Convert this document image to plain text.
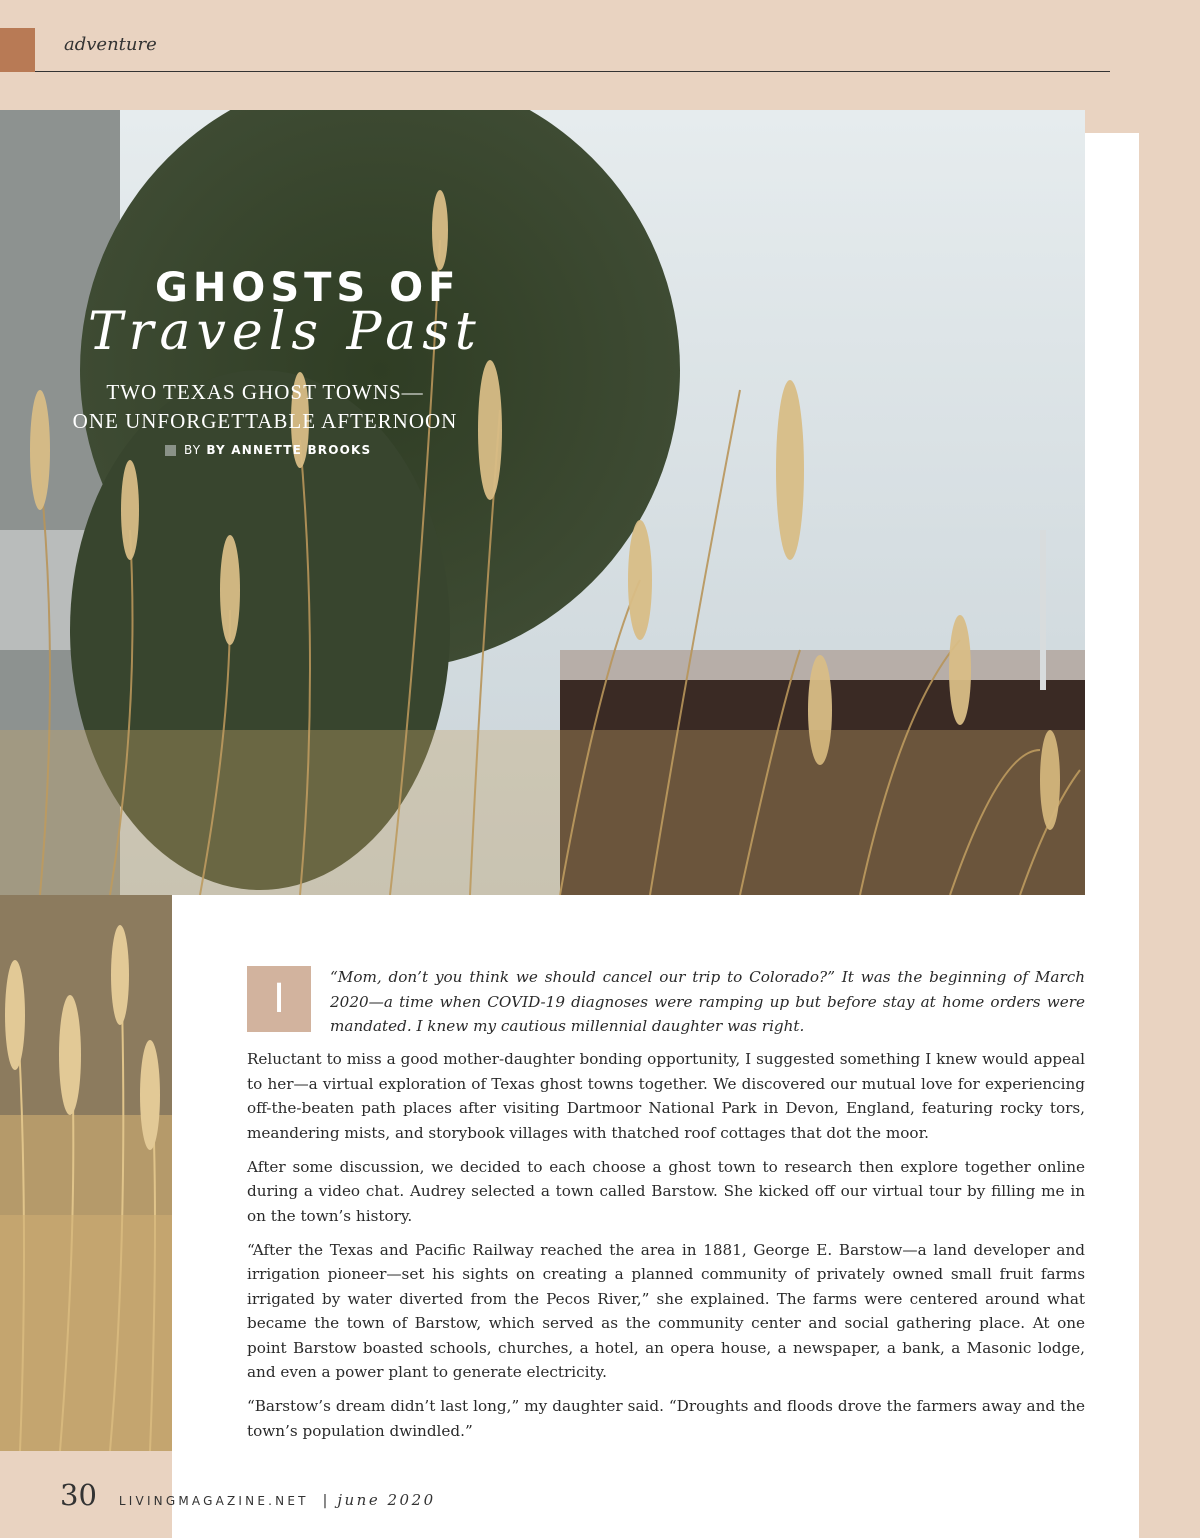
adventure
GHOSTS OF
Travels Past
TWO TEXAS GHOST TOWNS—
ONE UNFORGETTABLE AFTERNOON
BY BY ANNETTE BROOKS
I	“Mom, don’t you think we should cancel our trip to Colorado?” It was the beginning of March 2020—a time when COVID-19 diagnoses were ramping up but before stay at home orders were mandated. I knew my cautious millennial daughter was right.

Reluctant to miss a good mother-daughter bonding opportunity, I suggested something I knew would appeal to her—a virtual exploration of Texas ghost towns together. We discovered our mutual love for experiencing off-the-beaten path places after visiting Dartmoor National Park in Devon, England, featuring rocky tors, meandering mists, and storybook villages with thatched roof cottages that dot the moor.

After some discussion, we decided to each choose a ghost town to research then explore together online during a video chat. Audrey selected a town called Barstow. She kicked off our virtual tour by filling me in on the town’s history.

“After the Texas and Pacific Railway reached the area in 1881, George E. Barstow—a land developer and irrigation pioneer—set his sights on creating a planned community of privately owned small fruit farms irrigated by water diverted from the Pecos River,” she explained. The farms were centered around what became the town of Barstow, which served as the community center and social gathering place. At one point Barstow boasted schools, churches, a hotel, an opera house, a newspaper, a bank, a Masonic lodge, and even a power plant to generate electricity.

“Barstow’s dream didn’t last long,” my daughter said. “Droughts and floods drove the farmers away and the town’s population dwindled.”

30 LIVINGMAGAZINE.NET | june 2020
